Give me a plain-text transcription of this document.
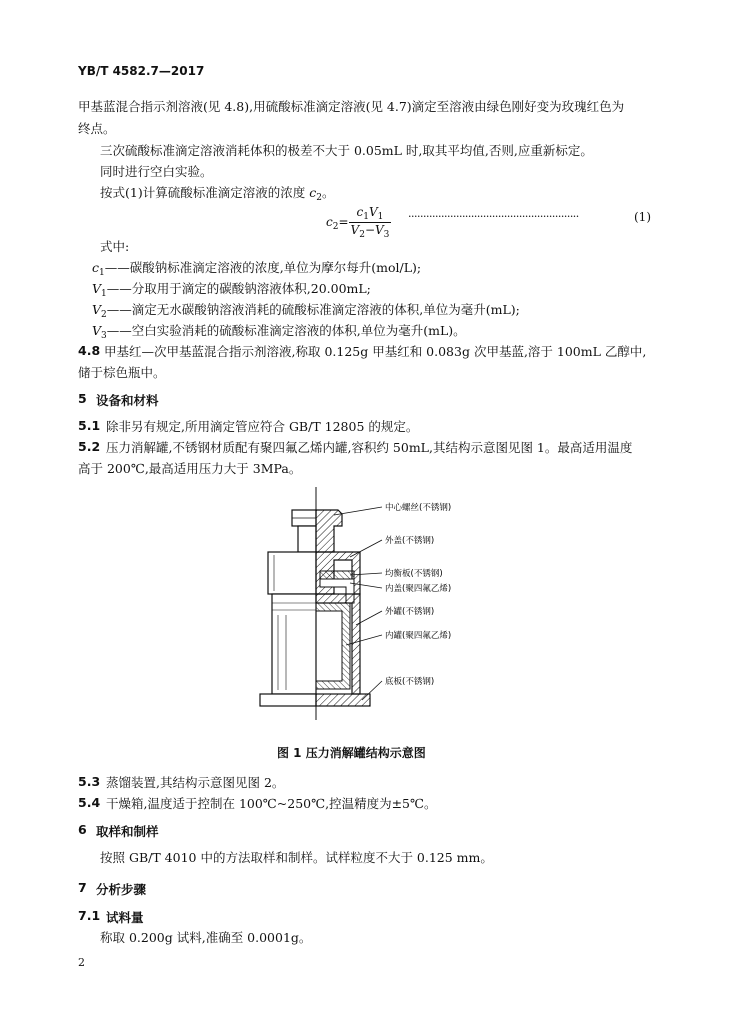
YB/T 4582.7—2017
甲基蓝混合指示剂溶液(见 4.8),用硫酸标准滴定溶液(见 4.7)滴定至溶液由绿色刚好变为玫瑰红色为
终点。
三次硫酸标准滴定溶液消耗体积的极差不大于 0.05mL 时,取其平均值,否则,应重新标定。
同时进行空白实验。
按式(1)计算硫酸标准滴定溶液的浓度 $c_2$。
$c_2= \frac{c_1V_1}{V_2-V_3}$ ·························································	(1)
式中:
$c_1——$碳酸钠标准滴定溶液的浓度,单位为摩尔每升(mol/L);
$V_1——$分取用于滴定的碳酸钠溶液体积,20.00mL;
$V_2——$滴定无水碳酸钠溶液消耗的硫酸标准滴定溶液的体积,单位为毫升(mL);
$V_3——$空白实验消耗的硫酸标准滴定溶液的体积,单位为毫升(mL)。
4.8 甲基红—次甲基蓝混合指示剂溶液,称取 0.125g 甲基红和 0.083g 次甲基蓝,溶于 100mL 乙醇中,
储于棕色瓶中。
5 设备和材料
5.1 除非另有规定,所用滴定管应符合 GB/T 12805 的规定。
5.2 压力消解罐,不锈钢材质配有聚四氟乙烯内罐,容积约 50mL,其结构示意图见图 1。最高适用温度
高于 200℃,最高适用压力大于 3MPa。
中心螺丝(不锈钢)
外盖(不锈钢)
均衡板(不锈钢)
内盖(聚四氟乙烯)
外罐(不锈钢)
内罐(聚四氟乙烯)
底板(不锈钢)
图 1 压力消解罐结构示意图
5.3 蒸馏装置,其结构示意图见图 2。
5.4 干燥箱,温度适于控制在 100℃~250℃,控温精度为±5℃。
6 取样和制样
按照 GB/T 4010 中的方法取样和制样。试样粒度不大于 0.125 mm。
7 分析步骤
7.1 试料量
称取 0.200g 试料,准确至 0.0001g。
2
